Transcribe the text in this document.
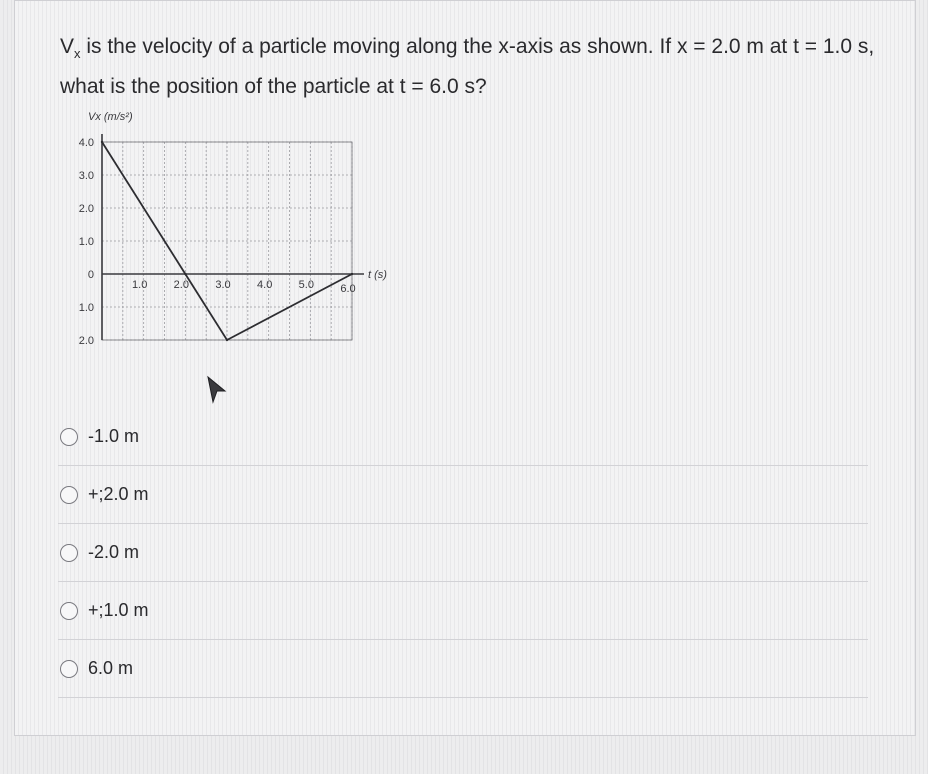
$V_x$ is the velocity of a particle moving along the x-axis as shown. If x = 2.0 m at t = 1.0 s, what is the position of the particle at t = 6.0 s?
4.0
3.0
2.0
1.0
0
1.0
2.0
1.0 2.0 3.0 4.0 5.0 6.0
Vx (m/s²)
t (s)
-1.0 m
+;2.0 m
-2.0 m
+;1.0 m
6.0 m
